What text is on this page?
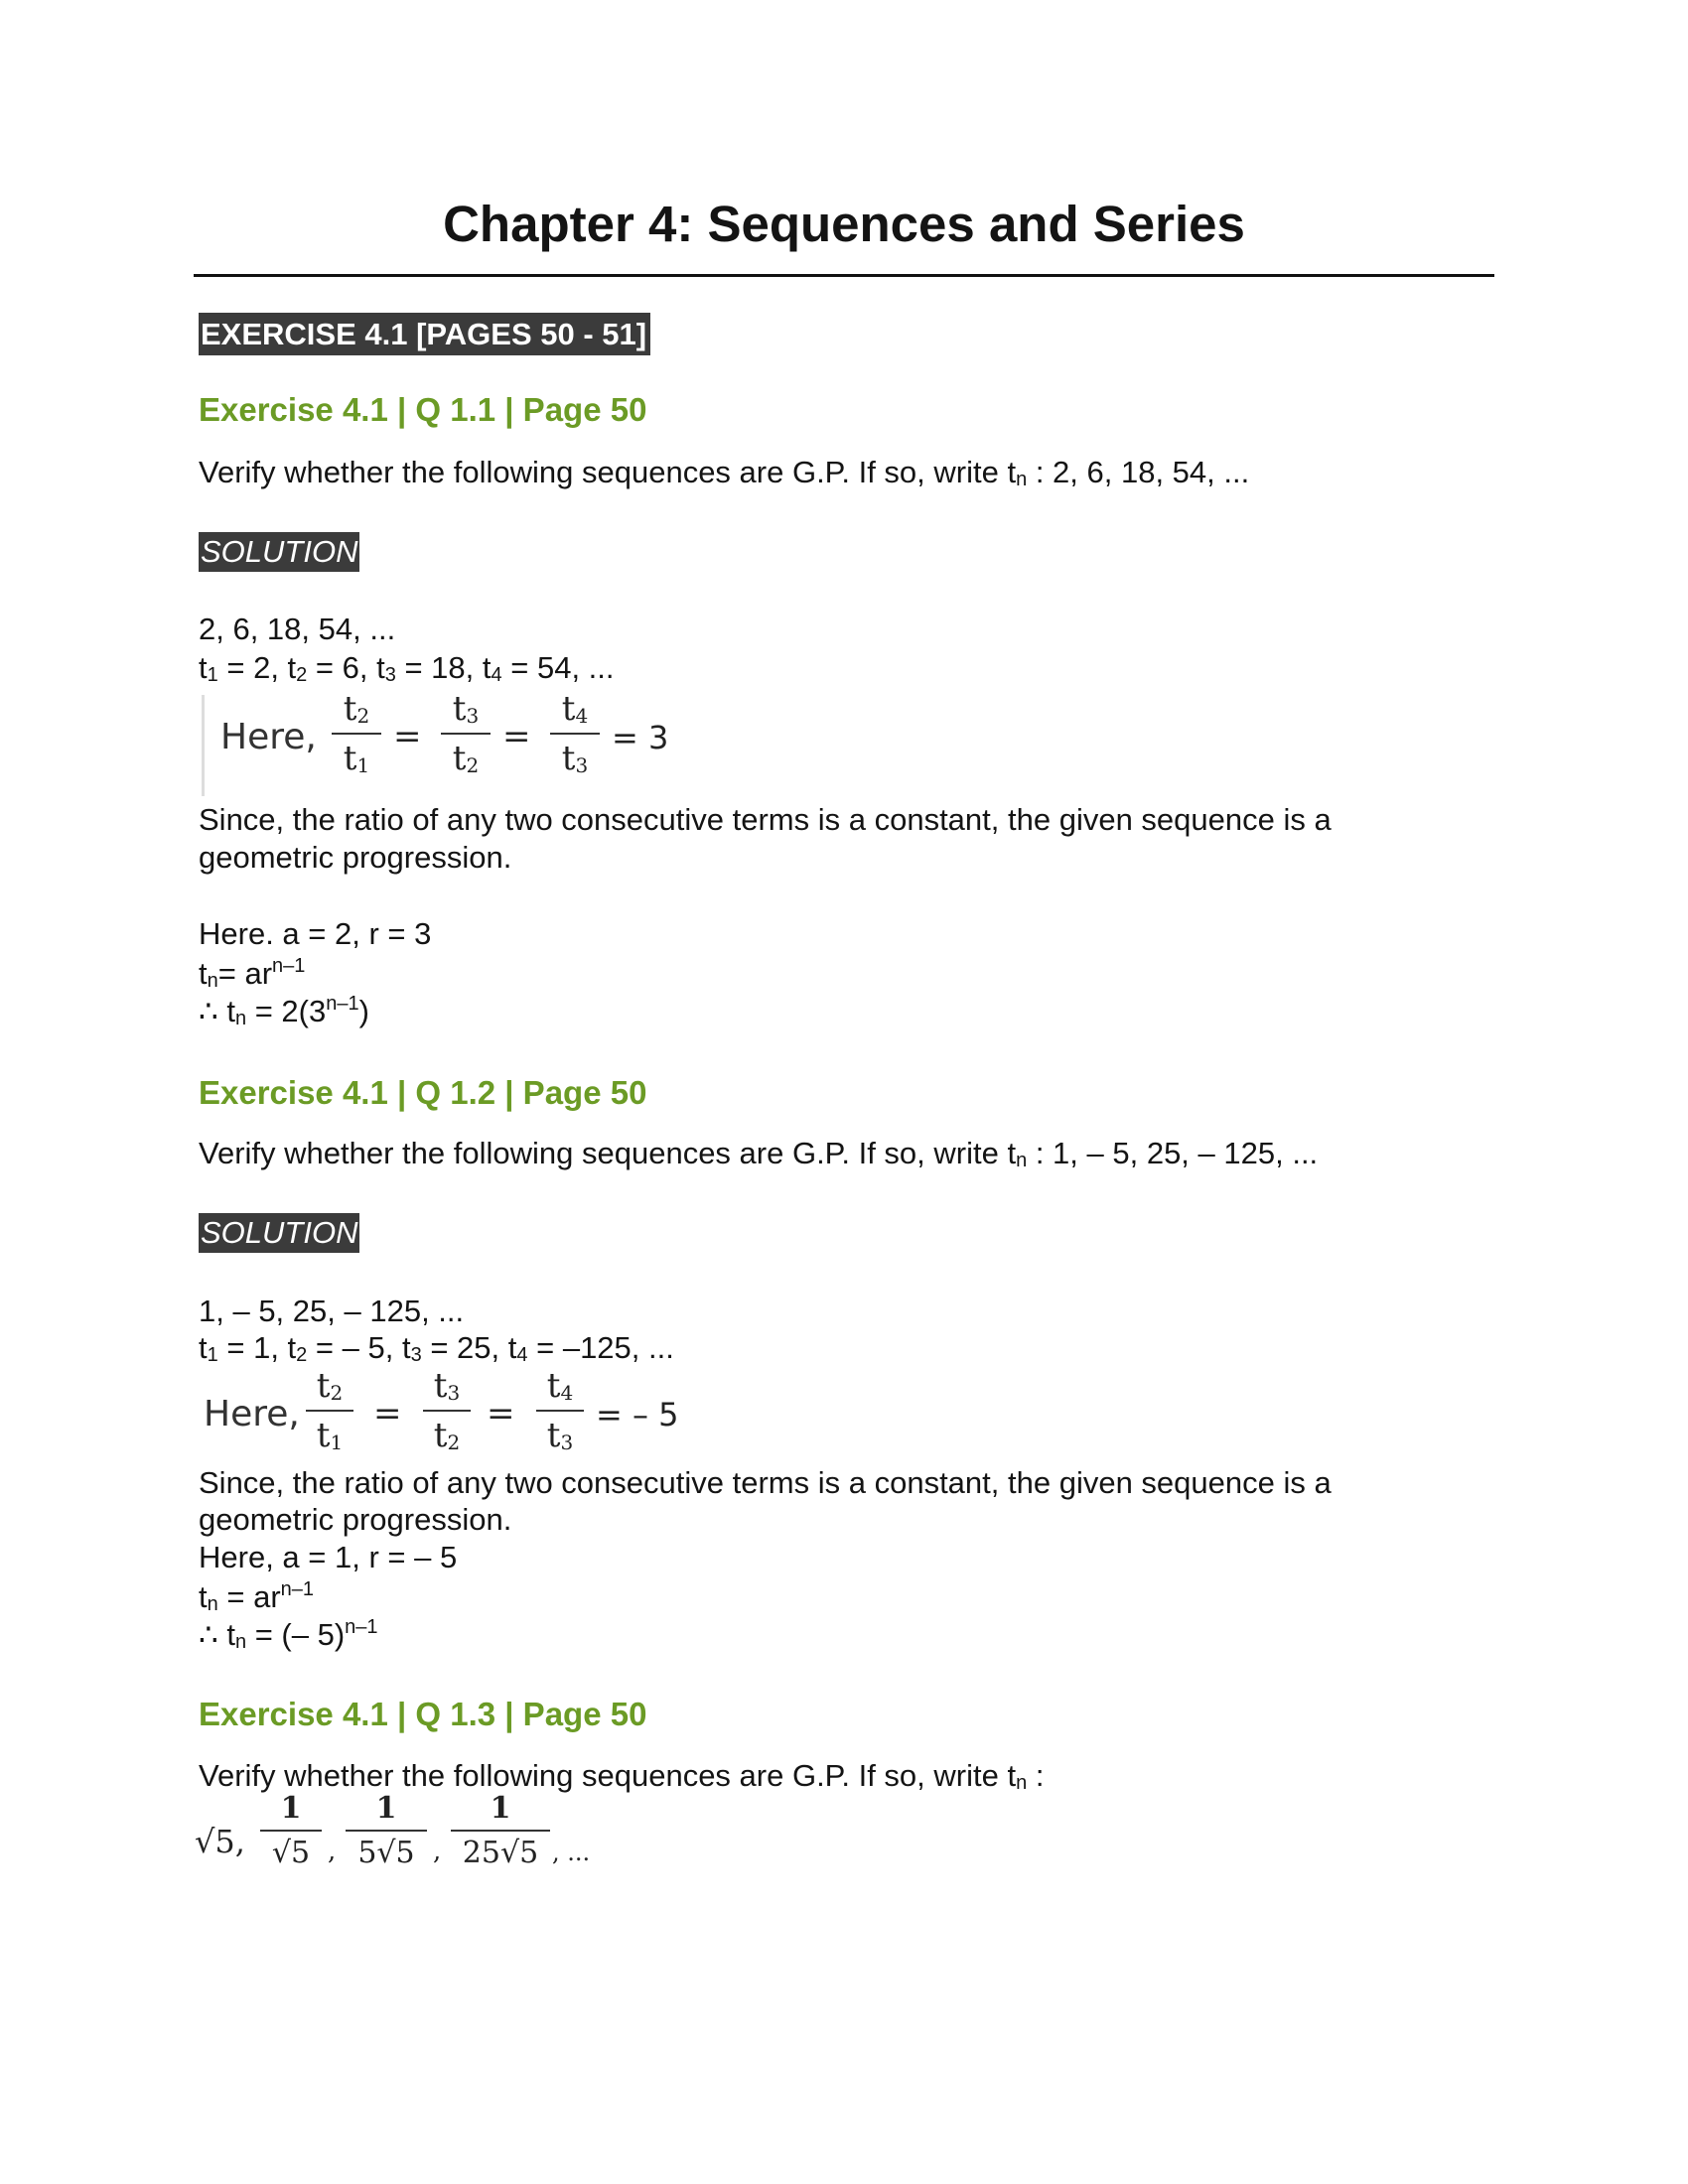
Chapter 4: Sequences and Series
EXERCISE 4.1 [PAGES 50 - 51]
Exercise 4.1 | Q 1.1 | Page 50
Verify whether the following sequences are G.P. If so, write tn : 2, 6, 18, 54, ...
SOLUTION
2, 6, 18, 54, ...
t1 = 2, t2 = 6, t3 = 18, t4 = 54, ...
Here,
t2
t1
=
t3
t2
=
t4
t3
= 3
Since, the ratio of any two consecutive terms is a constant, the given sequence is a
geometric progression.
Here. a = 2, r = 3
$tn= ar^{n-1}$
∴ tn = $2(3^{n-1})$
Exercise 4.1 | Q 1.2 | Page 50
Verify whether the following sequences are G.P. If so, write tn : 1, – 5, 25, – 125, ...
SOLUTION
1, – 5, 25, – 125, ...
t1 = 1, t2 = – 5, t3 = 25, t4 = –125, ...
Here,
t2
t1
=
t3
t2
=
t4
t3
= – 5
Since, the ratio of any two consecutive terms is a constant, the given sequence is a
geometric progression.
Here, a = 1, r = – 5
tn = $ar^{n-1}$
∴ tn = (– 5)$^{n-1}$
Exercise 4.1 | Q 1.3 | Page 50
Verify whether the following sequences are G.P. If so, write tn :
√5,
1
√5 ,
1
5√5 ,
1
25√5 , ...
